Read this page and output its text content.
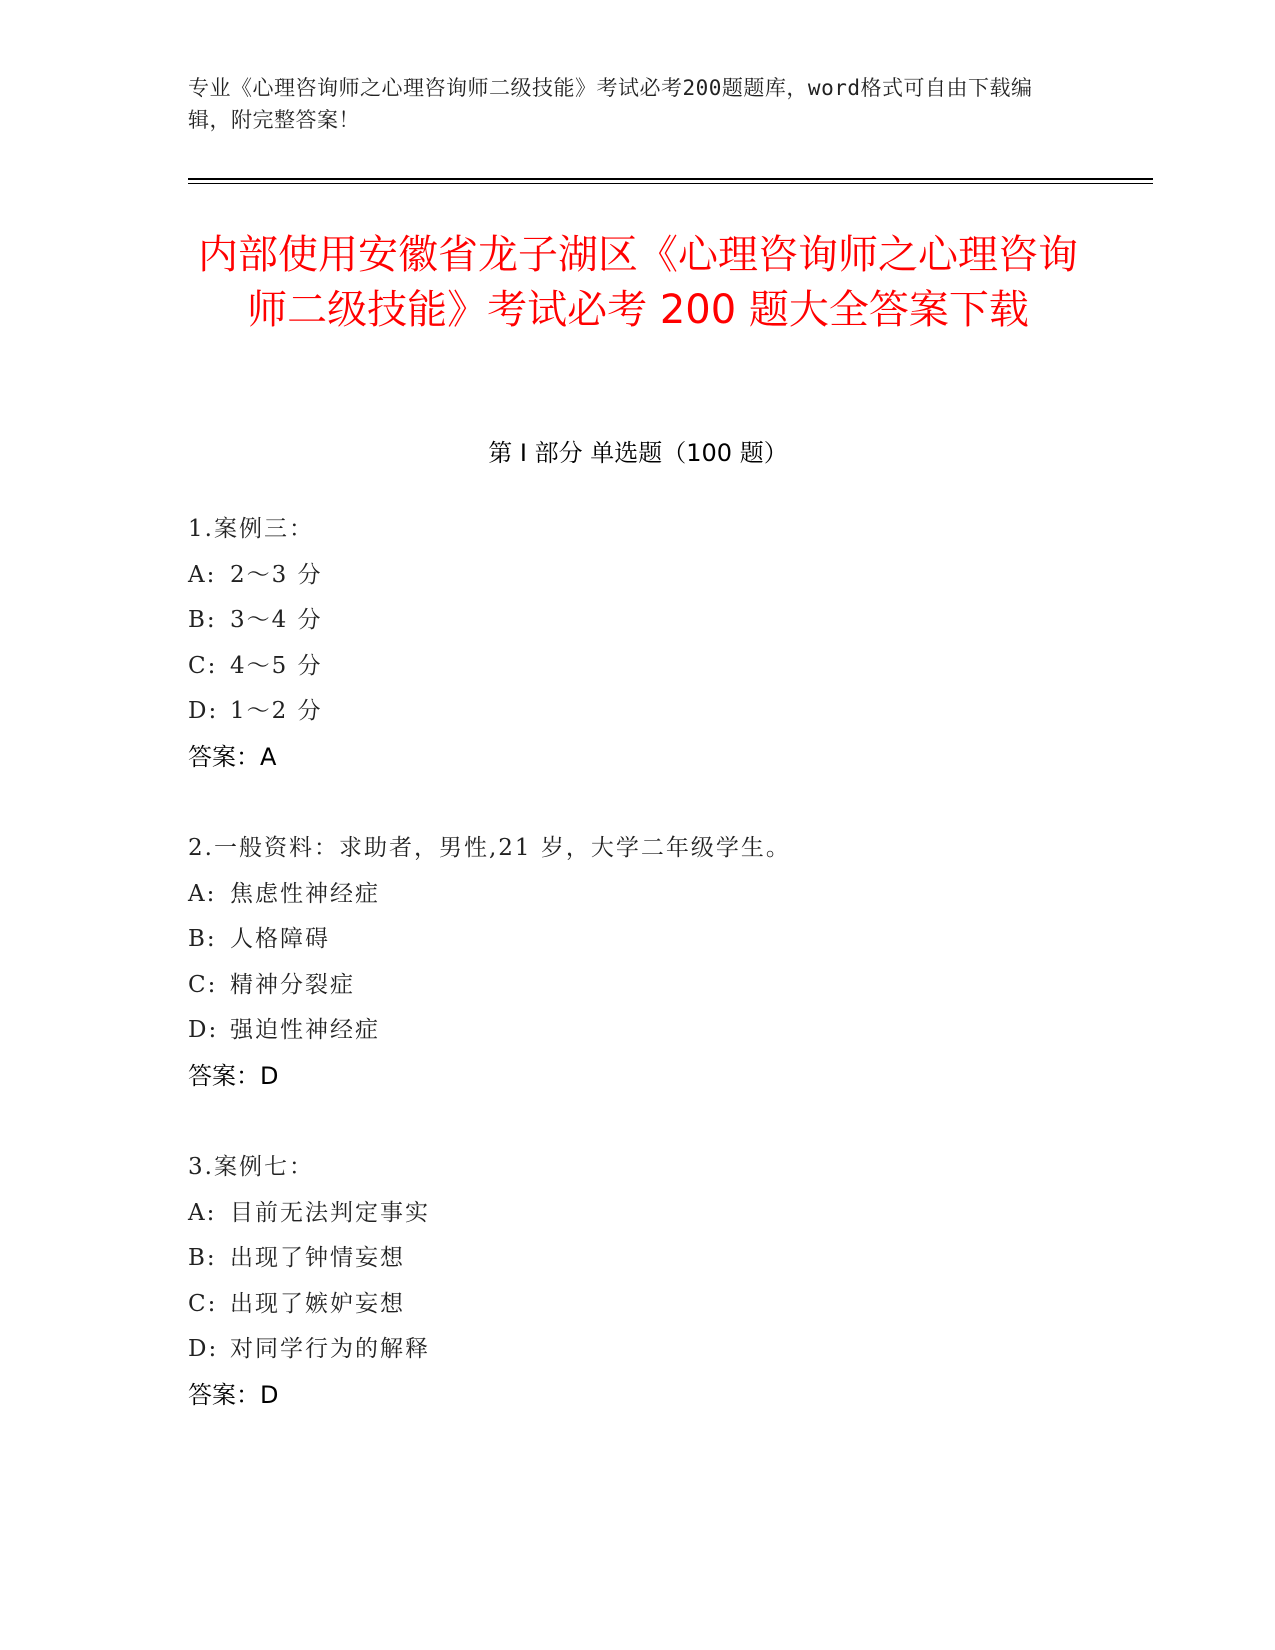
专业《心理咨询师之心理咨询师二级技能》考试必考200题题库，word格式可自由下载编辑，附完整答案！
内部使用安徽省龙子湖区《心理咨询师之心理咨询师二级技能》考试必考 200 题大全答案下载
第 I 部分 单选题（100 题）
1.案例三：
A: 2～3 分
B: 3～4 分
C: 4～5 分
D: 1～2 分
答案：A
2.一般资料：求助者，男性,21 岁，大学二年级学生。
A: 焦虑性神经症
B: 人格障碍
C: 精神分裂症
D: 强迫性神经症
答案：D
3.案例七：
A: 目前无法判定事实
B: 出现了钟情妄想
C: 出现了嫉妒妄想
D: 对同学行为的解释
答案：D
